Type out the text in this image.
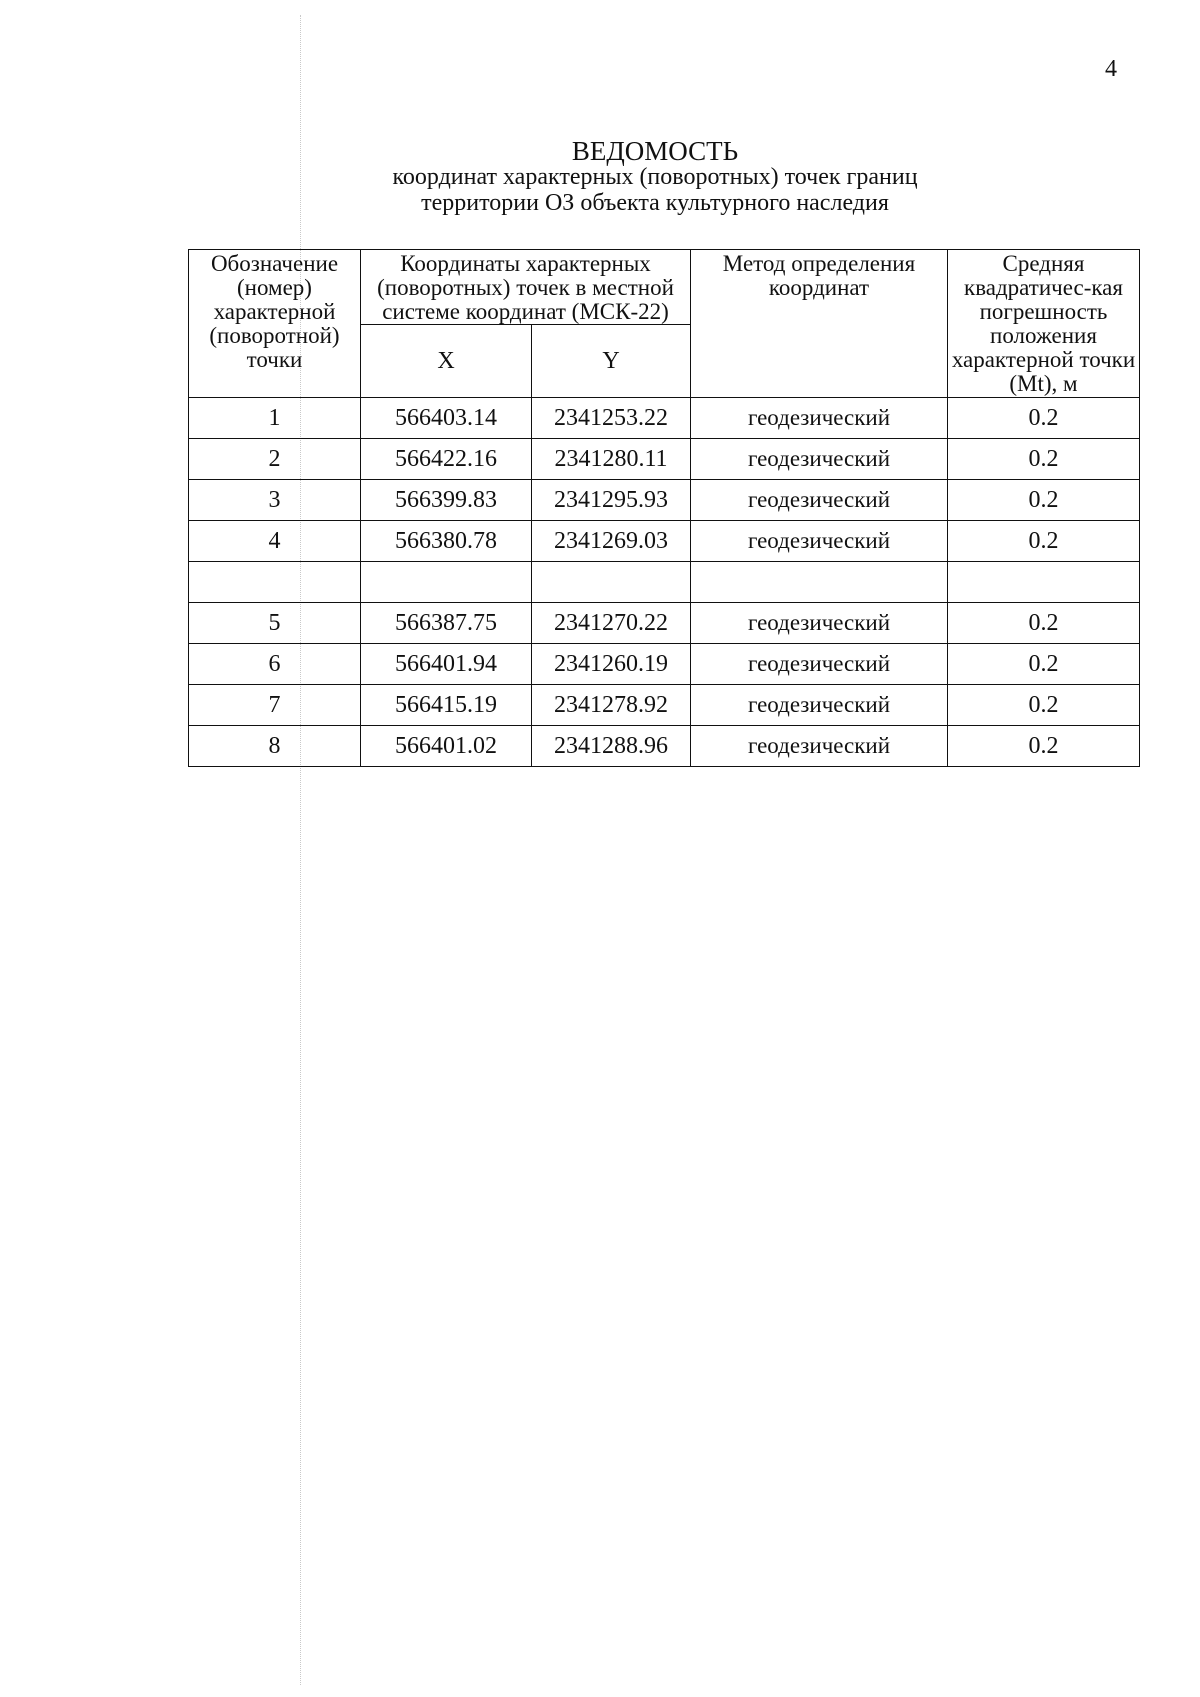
4
ВЕДОМОСТЬ
координат характерных (поворотных) точек границ
территории ОЗ объекта культурного наследия
Обозначение (номер) характерной (поворотной) точки	Координаты характерных (поворотных) точек в местной системе координат (МСК-22)		Метод определения координат	Средняя квадратичес-кая погрешность положения характерной точки (Mt), м
	X	Y		
1	566403.14	2341253.22	геодезический	0.2
2	566422.16	2341280.11	геодезический	0.2
3	566399.83	2341295.93	геодезический	0.2
4	566380.78	2341269.03	геодезический	0.2

5	566387.75	2341270.22	геодезический	0.2
6	566401.94	2341260.19	геодезический	0.2
7	566415.19	2341278.92	геодезический	0.2
8	566401.02	2341288.96	геодезический	0.2
